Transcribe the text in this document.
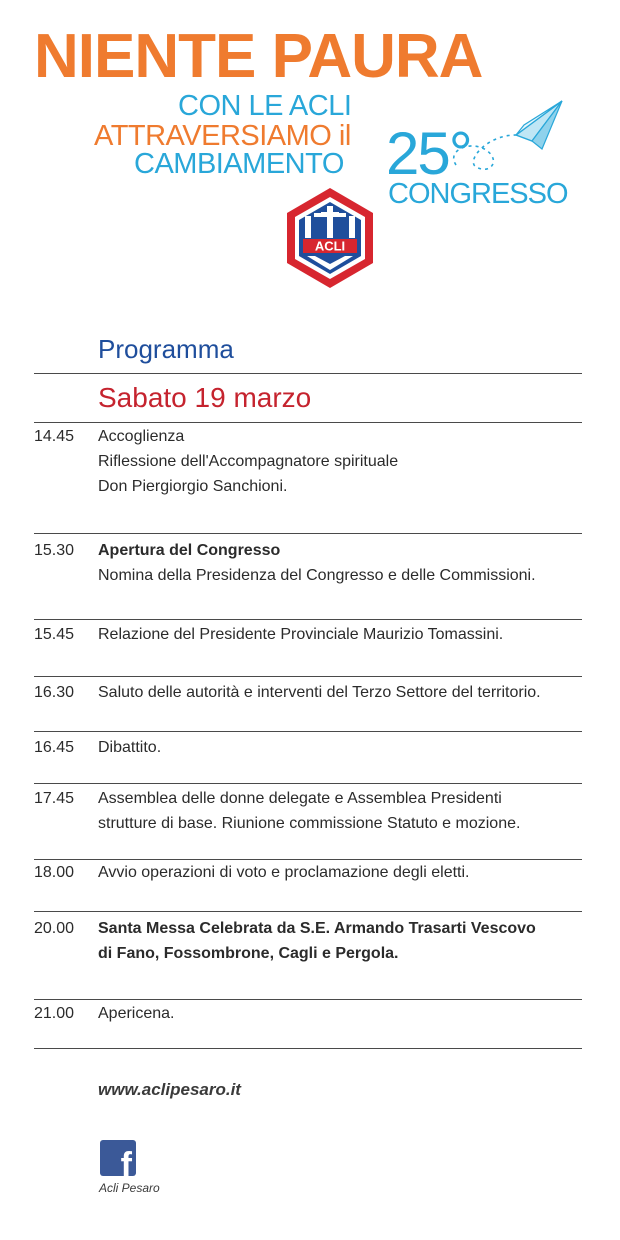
NIENTE PAURA
CON LE ACLI
ATTRAVERSIAMO il
CAMBIAMENTO 25°
CONGRESSO
ACLI
Programma
Sabato 19 marzo
14.45	Accoglienza
Riflessione dell'Accompagnatore spirituale
Don Piergiorgio Sanchioni.
15.30	Apertura del Congresso
Nomina della Presidenza del Congresso e delle Commissioni.
15.45	Relazione del Presidente Provinciale Maurizio Tomassini.
16.30	Saluto delle autorità e interventi del Terzo Settore del territorio.
16.45	Dibattito.
17.45	Assemblea delle donne delegate e Assemblea Presidenti
strutture di base. Riunione commissione Statuto e mozione.
18.00	Avvio operazioni di voto e proclamazione degli eletti.
20.00	Santa Messa Celebrata da S.E. Armando Trasarti Vescovo
di Fano, Fossombrone, Cagli e Pergola.
21.00	Apericena.
www.aclipesaro.it
f
Acli Pesaro
